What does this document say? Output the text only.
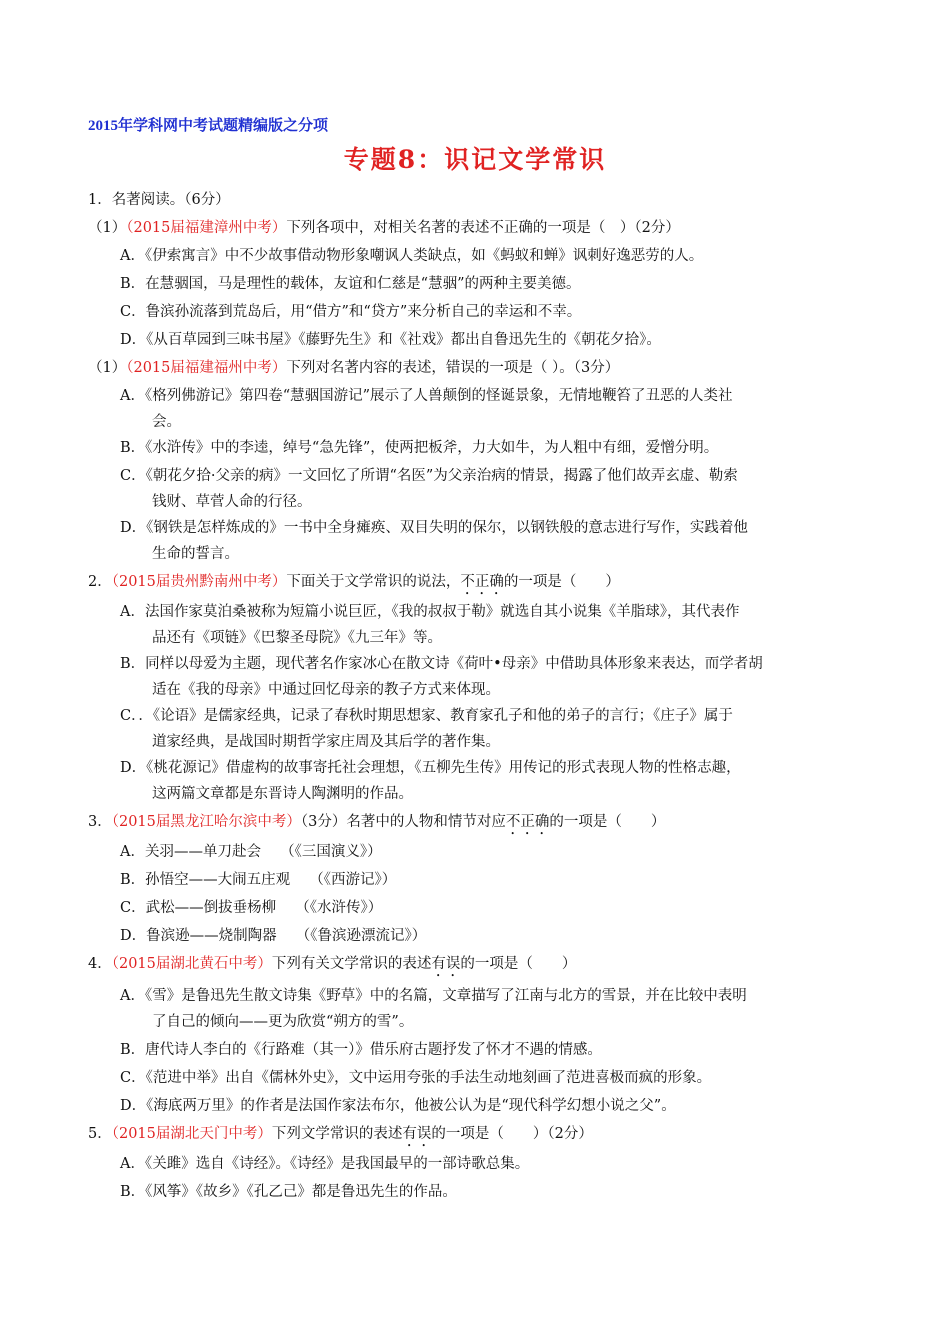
2015年学科网中考试题精编版之分项
专题8：识记文学常识
1．名著阅读。（6分）
（1）（2015届福建漳州中考）下列各项中，对相关名著的表述不正确的一项是（　）（2分）
A．《伊索寓言》中不少故事借动物形象嘲讽人类缺点，如《蚂蚁和蝉》讽刺好逸恶劳的人。
B．在慧骃国，马是理性的载体，友谊和仁慈是“慧骃”的两种主要美德。
C．鲁滨孙流落到荒岛后，用“借方”和“贷方”来分析自己的幸运和不幸。
D．《从百草园到三味书屋》《藤野先生》和《社戏》都出自鲁迅先生的《朝花夕拾》。
（1）（2015届福建福州中考）下列对名著内容的表述，错误的一项是（ ）。（3分）
A．《格列佛游记》第四卷“慧骃国游记”展示了人兽颠倒的怪诞景象，无情地鞭笞了丑恶的人类社
会。
B．《水浒传》中的李逵，绰号“急先锋”，使两把板斧，力大如牛，为人粗中有细，爱憎分明。
C．《朝花夕拾·父亲的病》一文回忆了所谓“名医”为父亲治病的情景，揭露了他们故弄玄虚、勒索
钱财、草菅人命的行径。
D．《钢铁是怎样炼成的》一书中全身瘫痪、双目失明的保尔，以钢铁般的意志进行写作，实践着他
生命的誓言。
2．（2015届贵州黔南州中考）下面关于文学常识的说法，不正确的一项是（　　）
A．法国作家莫泊桑被称为短篇小说巨匠，《我的叔叔于勒》就选自其小说集《羊脂球》，其代表作
品还有《项链》《巴黎圣母院》《九三年》等。
B．同样以母爱为主题，现代著名作家冰心在散文诗《荷叶•母亲》中借助具体形象来表达，而学者胡
适在《我的母亲》中通过回忆母亲的教子方式来体现。
C．．《论语》是儒家经典，记录了春秋时期思想家、教育家孔子和他的弟子的言行；《庄子》属于
道家经典，是战国时期哲学家庄周及其后学的著作集。
D．《桃花源记》借虚构的故事寄托社会理想，《五柳先生传》用传记的形式表现人物的性格志趣，
这两篇文章都是东晋诗人陶渊明的作品。
3．（2015届黑龙江哈尔滨中考）（3分）名著中的人物和情节对应不正确的一项是（　　）
A．关羽——单刀赴会　 （《三国演义》）
B．孙悟空——大闹五庄观　 （《西游记》）
C．武松——倒拔垂杨柳　 （《水浒传》）
D．鲁滨逊——烧制陶器　 （《鲁滨逊漂流记》）
4．（2015届湖北黄石中考）下列有关文学常识的表述有误的一项是（　　）
A．《雪》是鲁迅先生散文诗集《野草》中的名篇，文章描写了江南与北方的雪景，并在比较中表明
了自己的倾向——更为欣赏“朔方的雪”。
B．唐代诗人李白的《行路难（其一）》借乐府古题抒发了怀才不遇的情感。
C．《范进中举》出自《儒林外史》，文中运用夸张的手法生动地刻画了范进喜极而疯的形象。
D．《海底两万里》的作者是法国作家法布尔，他被公认为是“现代科学幻想小说之父”。
5．（2015届湖北天门中考）下列文学常识的表述有误的一项是（　　）（2分）
A．《关雎》选自《诗经》。《诗经》是我国最早的一部诗歌总集。
B．《风筝》《故乡》《孔乙己》都是鲁迅先生的作品。
